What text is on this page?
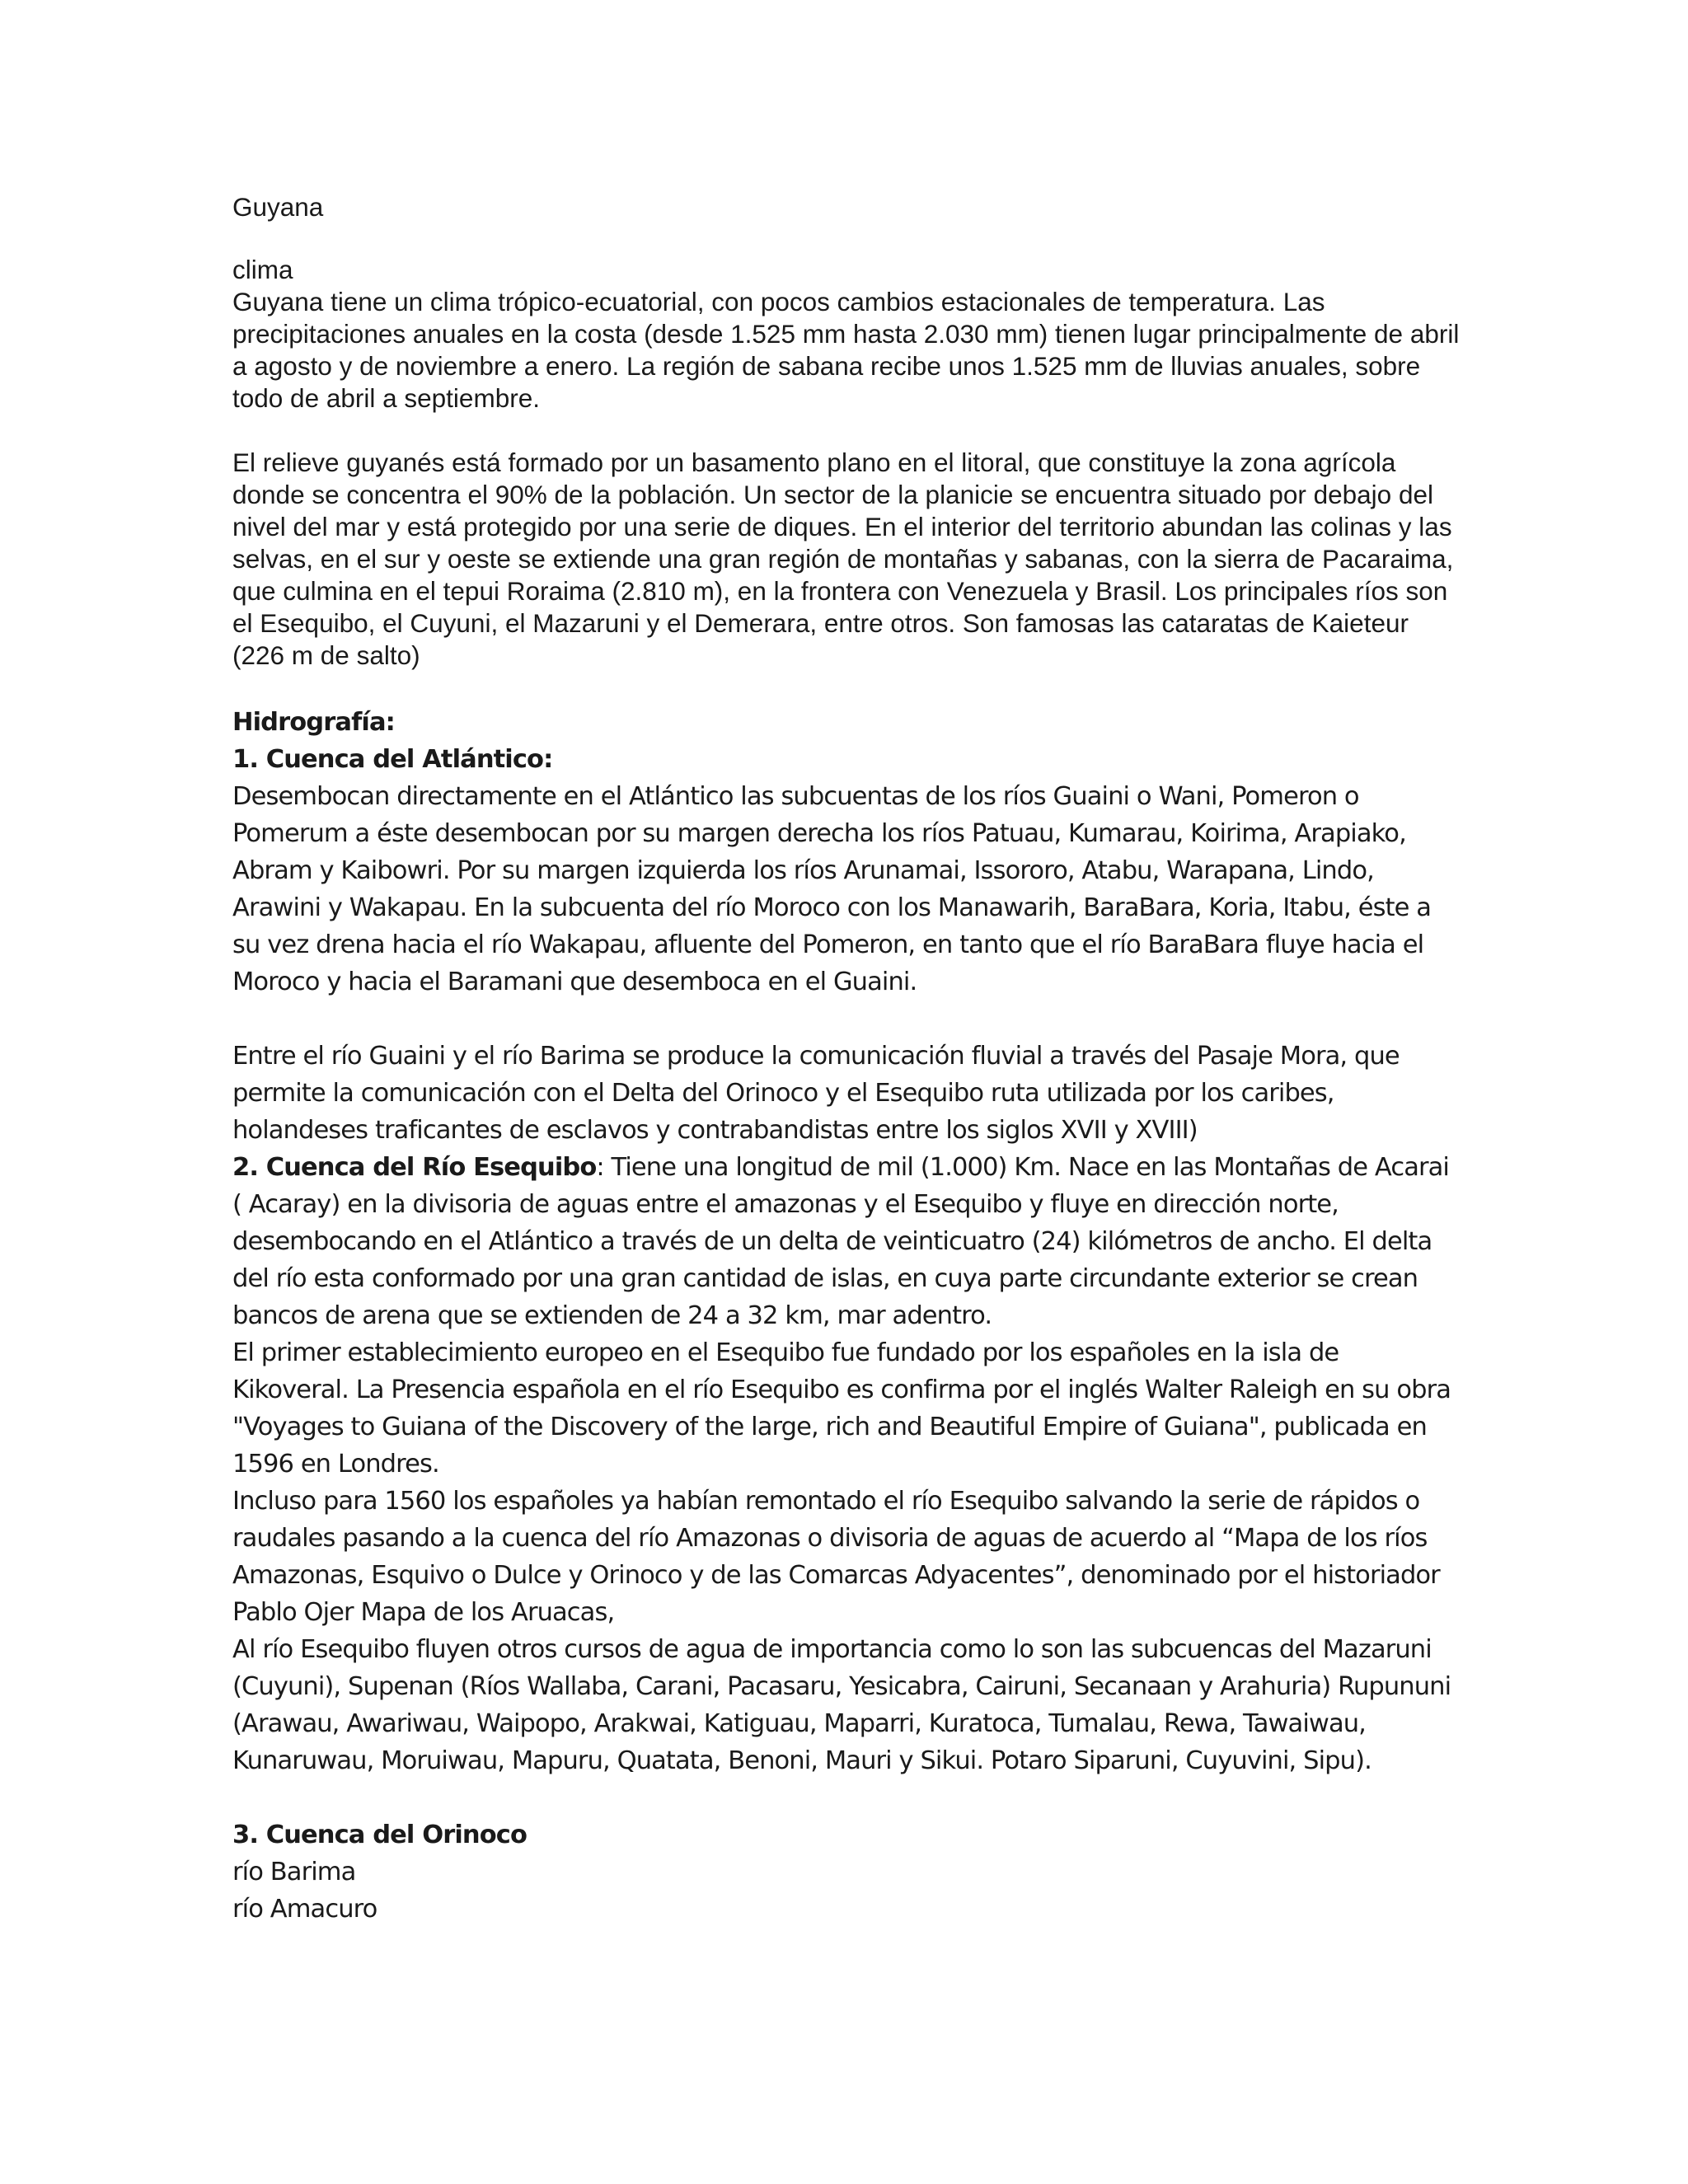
Guyana

clima

Guyana tiene un clima trópico-ecuatorial, con pocos cambios estacionales de temperatura. Las precipitaciones anuales en la costa (desde 1.525 mm hasta 2.030 mm) tienen lugar principalmente de abril a agosto y de noviembre a enero. La región de sabana recibe unos 1.525 mm de lluvias anuales, sobre todo de abril a septiembre.

El relieve guyanés está formado por un basamento plano en el litoral, que constituye la zona agrícola donde se concentra el 90% de la población. Un sector de la planicie se encuentra situado por debajo del nivel del mar y está protegido por una serie de diques. En el interior del territorio abundan las colinas y las selvas, en el sur y oeste se extiende una gran región de montañas y sabanas, con la sierra de Pacaraima, que culmina en el tepui Roraima (2.810 m), en la frontera con Venezuela y Brasil. Los principales ríos son el Esequibo, el Cuyuni, el Mazaruni y el Demerara, entre otros. Son famosas las cataratas de Kaieteur (226 m de salto)

Hidrografía:

1. Cuenca del Atlántico:

Desembocan directamente en el Atlántico las subcuentas de los ríos Guaini o Wani, Pomeron o Pomerum a éste desembocan por su margen derecha los ríos Patuau, Kumarau, Koirima, Arapiako, Abram y Kaibowri. Por su margen izquierda los ríos Arunamai, Issororo, Atabu, Warapana, Lindo, Arawini y Wakapau. En la subcuenta del río Moroco con los Manawarih, BaraBara, Koria, Itabu, éste a su vez drena hacia el río Wakapau, afluente del Pomeron, en tanto que el río BaraBara fluye hacia el Moroco y hacia el Baramani que desemboca en el Guaini.

Entre el río Guaini y el río Barima se produce la comunicación fluvial a través del Pasaje Mora, que permite la comunicación con el Delta del Orinoco y el Esequibo ruta utilizada por los caribes, holandeses traficantes de esclavos y contrabandistas entre los siglos XVII y XVIII)

2. Cuenca del Río Esequibo: Tiene una longitud de mil (1.000) Km. Nace en las Montañas de Acarai ( Acaray) en la divisoria de aguas entre el amazonas y el Esequibo y fluye en dirección norte, desembocando en el Atlántico a través de un delta de veinticuatro (24) kilómetros de ancho. El delta del río esta conformado por una gran cantidad de islas, en cuya parte circundante exterior se crean bancos de arena que se extienden de 24 a 32 km, mar adentro.

El primer establecimiento europeo en el Esequibo fue fundado por los españoles en la isla de Kikoveral. La Presencia española en el río Esequibo es confirma por el inglés Walter Raleigh en su obra "Voyages to Guiana of the Discovery of the large, rich and Beautiful Empire of Guiana", publicada en 1596 en Londres.

Incluso para 1560 los españoles ya habían remontado el río Esequibo salvando la serie de rápidos o raudales pasando a la cuenca del río Amazonas o divisoria de aguas de acuerdo al “Mapa de los ríos Amazonas, Esquivo o Dulce y Orinoco y de las Comarcas Adyacentes”, denominado por el historiador Pablo Ojer Mapa de los Aruacas,

Al río Esequibo fluyen otros cursos de agua de importancia como lo son las subcuencas del Mazaruni (Cuyuni), Supenan (Ríos Wallaba, Carani, Pacasaru, Yesicabra, Cairuni, Secanaan y Arahuria) Rupununi (Arawau, Awariwau, Waipopo, Arakwai, Katiguau, Maparri, Kuratoca, Tumalau, Rewa, Tawaiwau, Kunaruwau, Moruiwau, Mapuru, Quatata, Benoni, Mauri y Sikui. Potaro Siparuni, Cuyuvini, Sipu).

3. Cuenca del Orinoco

río Barima

río Amacuro
